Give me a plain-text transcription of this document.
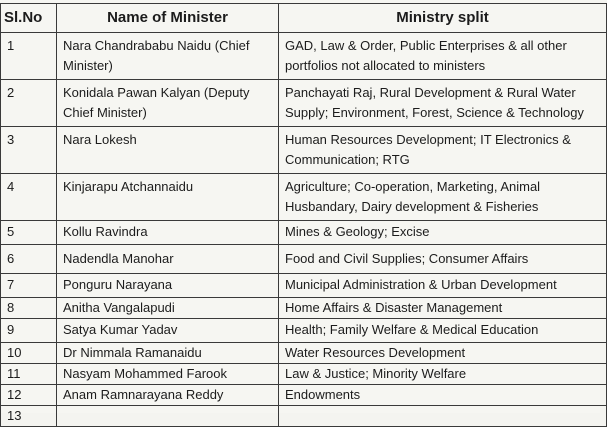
Sl.No	Name of Minister	Ministry split
1	Nara Chandrababu Naidu (Chief Minister)	GAD, Law & Order, Public Enterprises & all other portfolios not allocated to ministers
2	Konidala Pawan Kalyan (Deputy Chief Minister)	Panchayati Raj, Rural Development & Rural Water Supply; Environment, Forest, Science & Technology
3	Nara Lokesh	Human Resources Development; IT Electronics & Communication; RTG
4	Kinjarapu Atchannaidu	Agriculture; Co-operation, Marketing, Animal Husbandary, Dairy development & Fisheries
5	Kollu Ravindra	Mines & Geology; Excise
6	Nadendla Manohar	Food and Civil Supplies; Consumer Affairs
7	Ponguru Narayana	Municipal Administration & Urban Development
8	Anitha Vangalapudi	Home Affairs & Disaster Management
9	Satya Kumar Yadav	Health; Family Welfare & Medical Education
10	Dr Nimmala Ramanaidu	Water Resources Development
11	Nasyam Mohammed Farook	Law & Justice; Minority Welfare
12	Anam Ramnarayana Reddy	Endowments
13		
